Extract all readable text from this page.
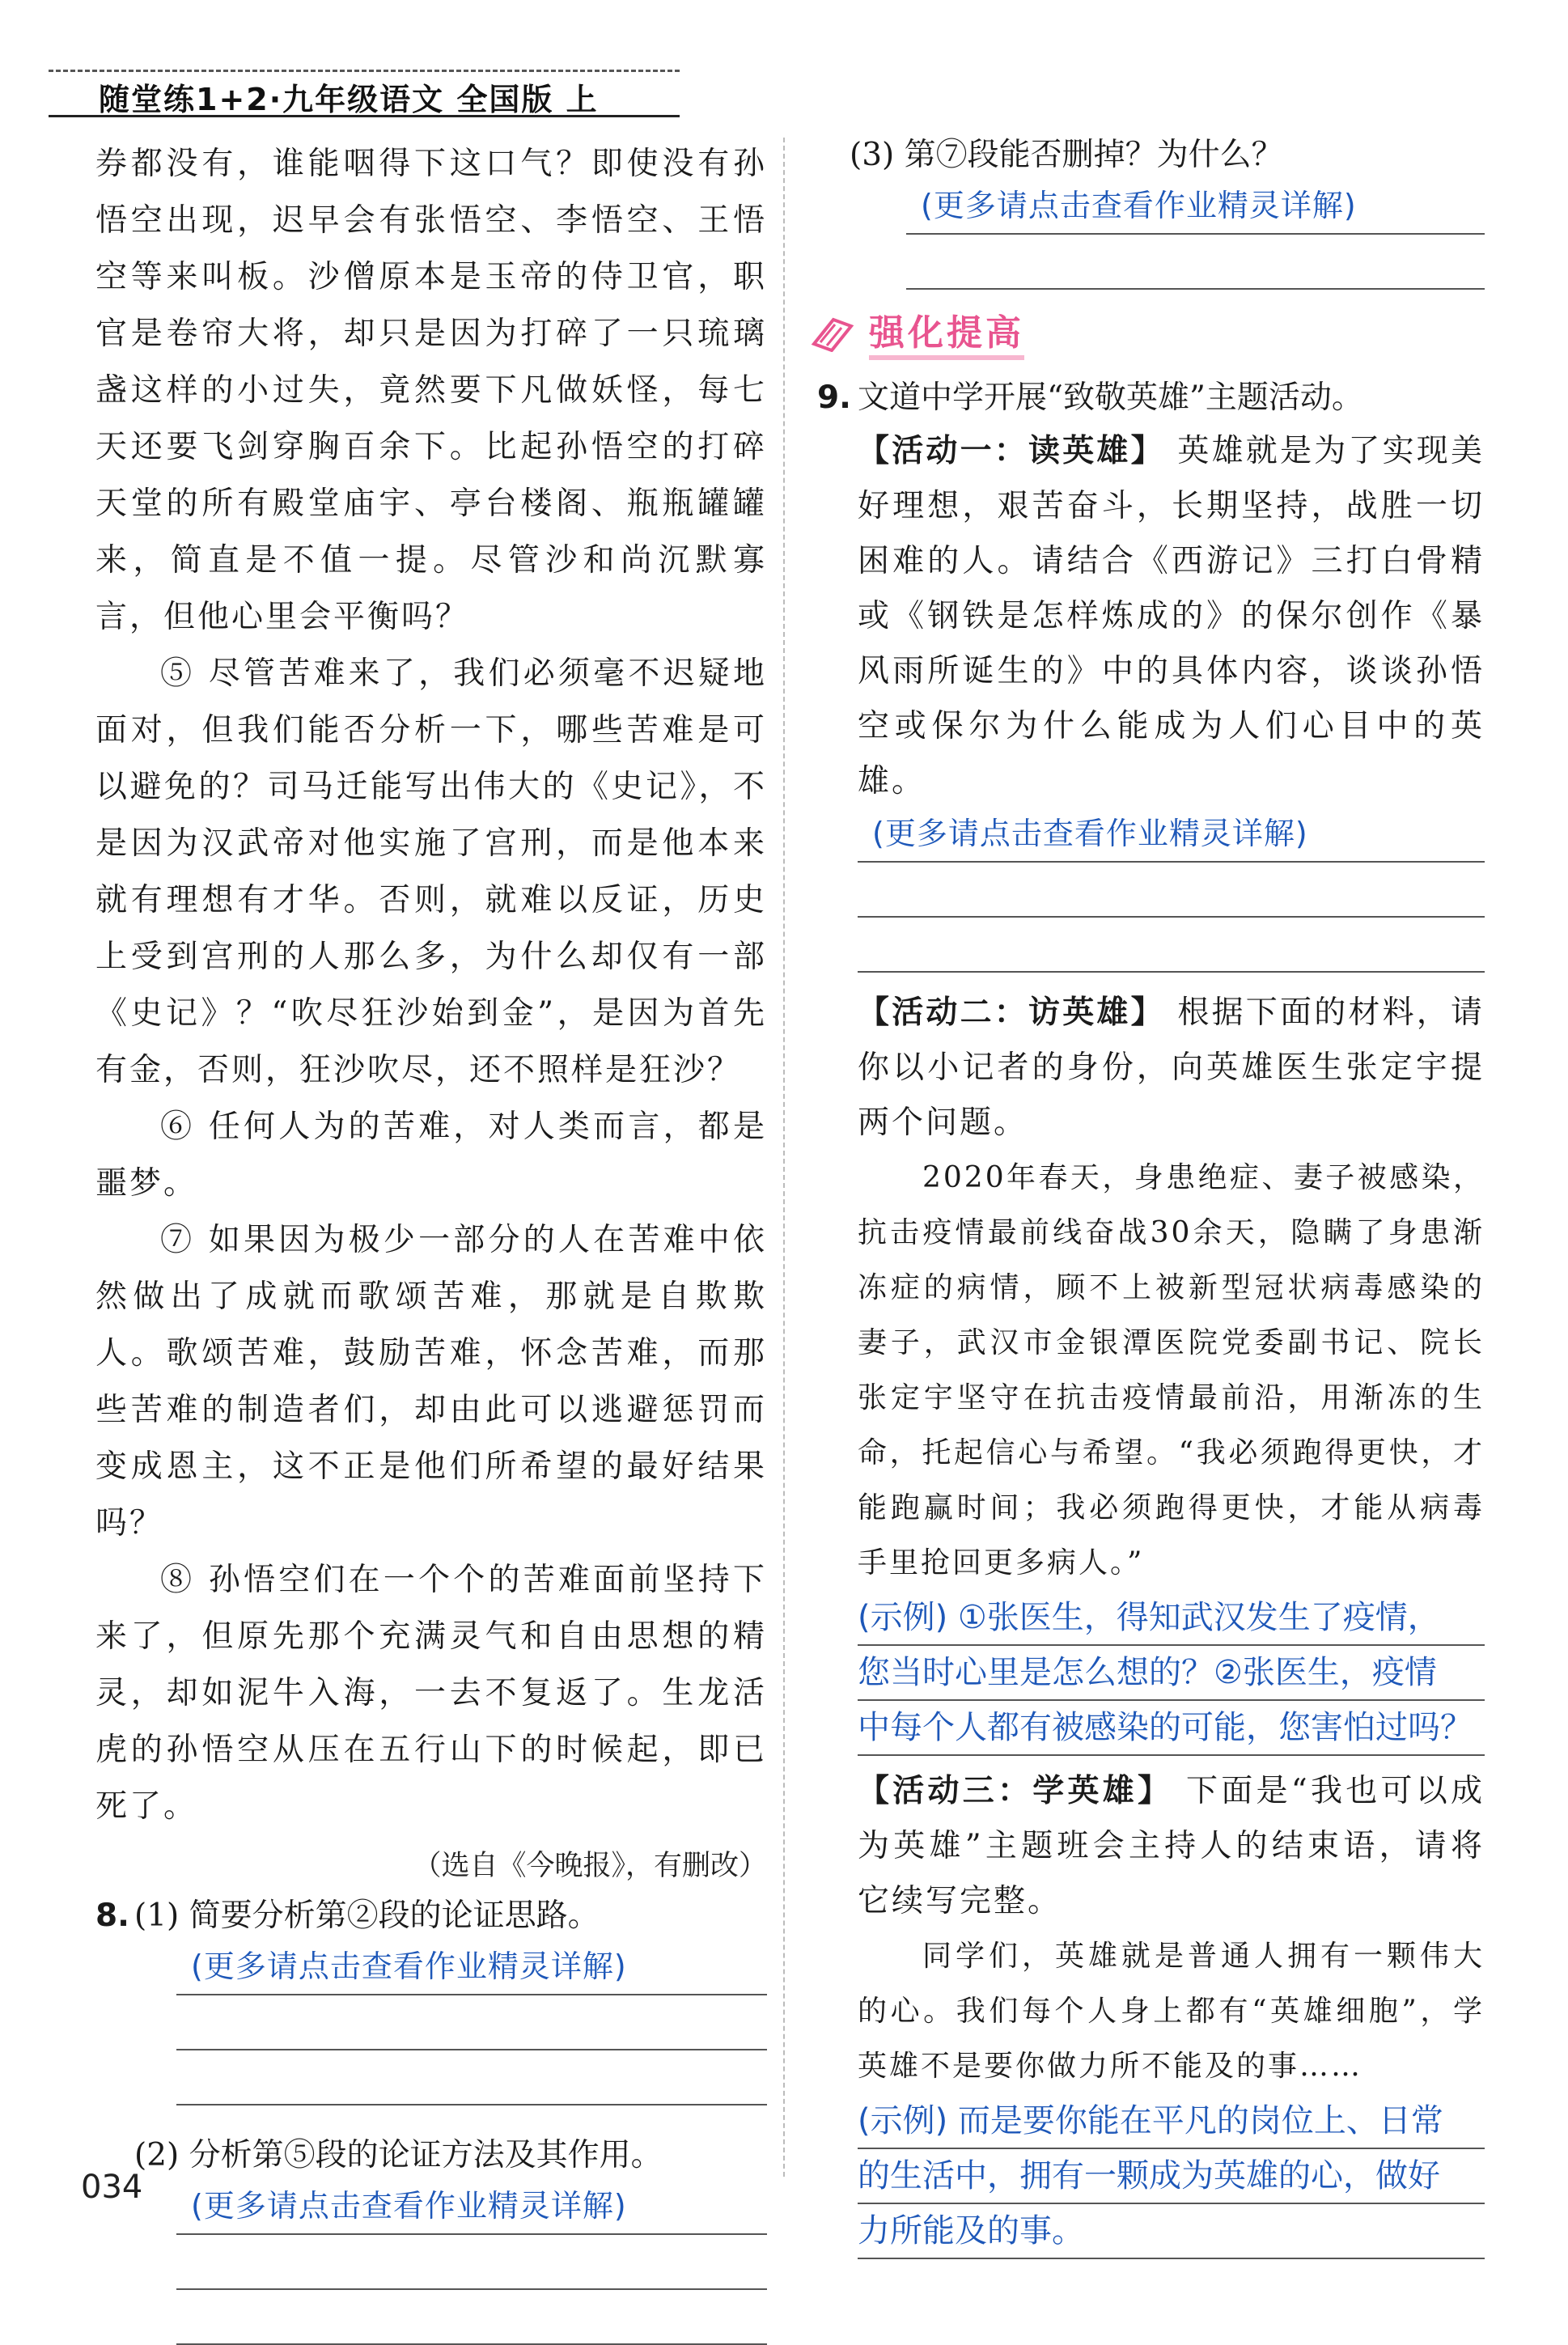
随堂练1+2·九年级语文 全国版 上

券都没有，谁能咽得下这口气？即使没有孙悟空出现，迟早会有张悟空、李悟空、王悟空等来叫板。沙僧原本是玉帝的侍卫官，职官是卷帘大将，却只是因为打碎了一只琉璃盏这样的小过失，竟然要下凡做妖怪，每七天还要飞剑穿胸百余下。比起孙悟空的打碎天堂的所有殿堂庙宇、亭台楼阁、瓶瓶罐罐来，简直是不值一提。尽管沙和尚沉默寡言，但他心里会平衡吗？

⑤ 尽管苦难来了，我们必须毫不迟疑地面对，但我们能否分析一下，哪些苦难是可以避免的？司马迁能写出伟大的《史记》，不是因为汉武帝对他实施了宫刑，而是他本来就有理想有才华。否则，就难以反证，历史上受到宫刑的人那么多，为什么却仅有一部《史记》？“吹尽狂沙始到金”，是因为首先有金，否则，狂沙吹尽，还不照样是狂沙？

⑥ 任何人为的苦难，对人类而言，都是噩梦。

⑦ 如果因为极少一部分的人在苦难中依然做出了成就而歌颂苦难，那就是自欺欺人。歌颂苦难，鼓励苦难，怀念苦难，而那些苦难的制造者们，却由此可以逃避惩罚而变成恩主，这不正是他们所希望的最好结果吗？

⑧ 孙悟空们在一个个的苦难面前坚持下来了，但原先那个充满灵气和自由思想的精灵，却如泥牛入海，一去不复返了。生龙活虎的孙悟空从压在五行山下的时候起，即已死了。

（选自《今晚报》，有删改）
8. (1) 简要分析第②段的论证思路。
(更多请点击查看作业精灵详解)
(2) 分析第⑤段的论证方法及其作用。
(更多请点击查看作业精灵详解)
(3) 第⑦段能否删掉？为什么？
(更多请点击查看作业精灵详解)
强化提高
9. 文道中学开展“致敬英雄”主题活动。

【活动一：读英雄】 英雄就是为了实现美好理想，艰苦奋斗，长期坚持，战胜一切困难的人。请结合《西游记》三打白骨精或《钢铁是怎样炼成的》的保尔创作《暴风雨所诞生的》中的具体内容，谈谈孙悟空或保尔为什么能成为人们心目中的英雄。

(更多请点击查看作业精灵详解)

【活动二：访英雄】 根据下面的材料，请你以小记者的身份，向英雄医生张定宇提两个问题。

2020年春天，身患绝症、妻子被感染，抗击疫情最前线奋战30余天，隐瞒了身患渐冻症的病情，顾不上被新型冠状病毒感染的妻子，武汉市金银潭医院党委副书记、院长张定宇坚守在抗击疫情最前沿，用渐冻的生命，托起信心与希望。“我必须跑得更快，才能跑赢时间；我必须跑得更快，才能从病毒手里抢回更多病人。”

(示例) ①张医生，得知武汉发生了疫情，
您当时心里是怎么想的？②张医生，疫情
中每个人都有被感染的可能，您害怕过吗？

【活动三：学英雄】 下面是“我也可以成为英雄”主题班会主持人的结束语，请将它续写完整。

同学们，英雄就是普通人拥有一颗伟大的心。我们每个人身上都有“英雄细胞”，学英雄不是要你做力所不能及的事……

(示例) 而是要你能在平凡的岗位上、日常
的生活中，拥有一颗成为英雄的心，做好
力所能及的事。
034
